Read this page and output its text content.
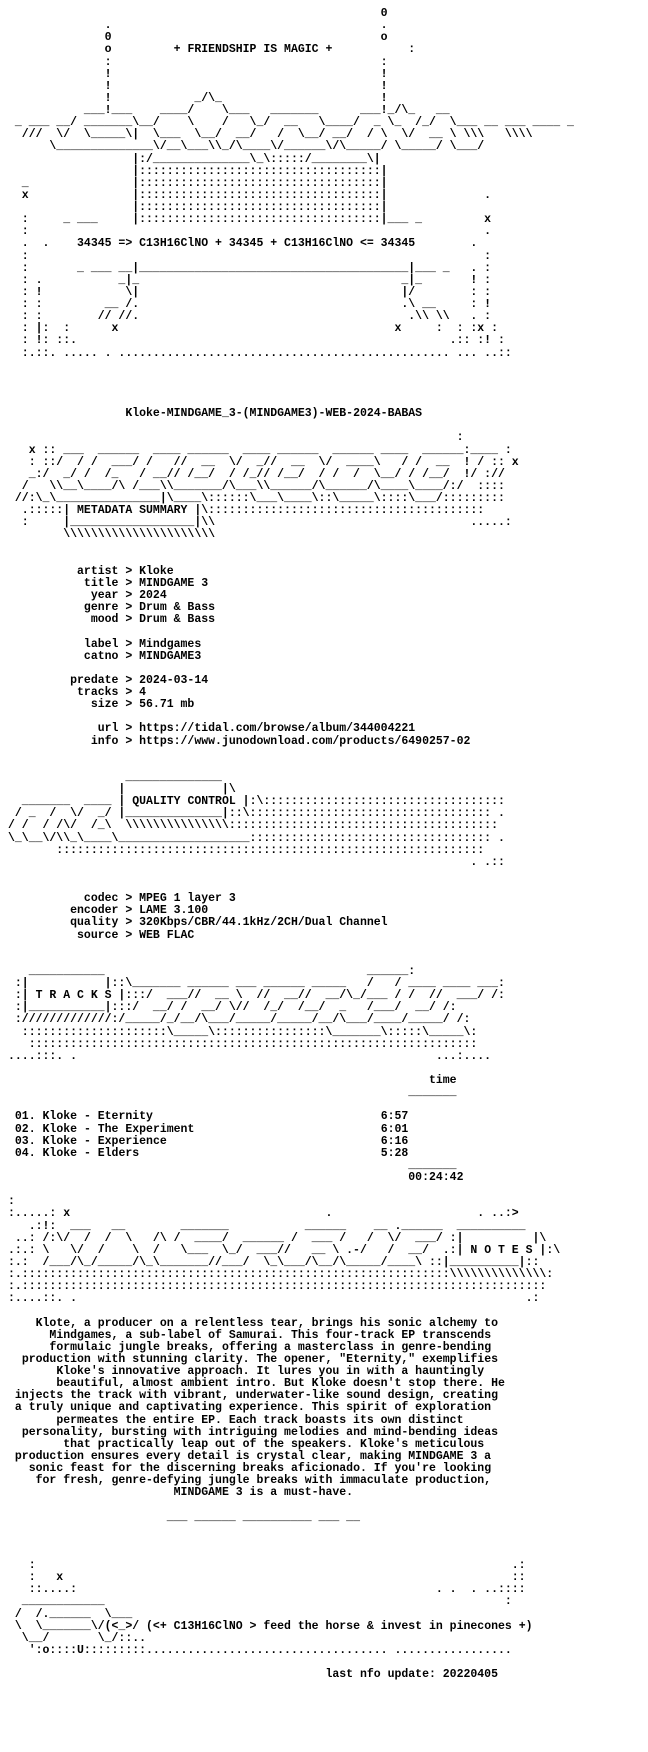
0
.                                       .
0                                       o
o	+ FRIENDSHIP IS MAGIC +	:
:                                       :
!                                       !
!                                       !
!            _/\_                       !
___!___    ____/    \___   _______      ___!_/\_   __
_ ___ __/ _______\__/    \    /   \_/  __   \____/  _ \_  /_/  \___ __ ___ ____ _
///  \/  \_____\|  \___  \__/  __/   /  \__/ __/  / \  \/  __ \ \\\   \\\\
\______________\/__\___\\_/\____\/______\/\_____/ \_____/ \___/
|:/______________\_\:::::/________\|
|:::::::::::::::::::::::::::::::::::|
_               |:::::::::::::::::::::::::::::::::::|
x               |:::::::::::::::::::::::::::::::::::|              .
|:::::::::::::::::::::::::::::::::::|
:     _ ___     |:::::::::::::::::::::::::::::::::::|___ _         x
:                                                                  .
.  .    34345 => C13H16ClNO + 34345 + C13H16ClNO <= 34345	.
:                                                                  :
:       _ ___ __|_______________________________________|___ _   . :
: .           _|_                                      _|_       ! :
: !            \|                                      |/        : :
: :         __ /.                                      .\ __     : !
: :        // //.                                       .\\ \\   . :
: |:  :      x                                        x     :  : :x :
: !: ::.                                                      .:: :! :
:.::. ..... . ................................................ ... ..::

Kloke-MINDGAME_3-(MINDGAME3)-WEB-2024-BABAS

:
x :: ___  ______  ____ ______  ____ ______  ______ ____  ______:____ :
: ::/  / /  ___/ /   //  __  \/  _//  __  \/  ____\   / /  __  ! / :: x
_:/  _/ /  /_   / __// /__/  / /_// /__/  / /  /  \__/ / /__/  !/ ://
/   \\__\____/\ /___\\_______/\___\\______/\______/\____\____/:/  ::::
//:\_\_______________|\____\::::::\___\____\::\_____\::::\___/:::::::::
.:::::| METADATA SUMMARY |\::::::::::::::::::::::::::::::::::::::::
:     |__________________|\\                                     .....:
\\\\\\\\\\\\\\\\\\\\\\

artist > Kloke
title > MINDGAME 3
year > 2024
genre > Drum & Bass
mood > Drum & Bass

label > Mindgames
catno > MINDGAME3

predate > 2024-03-14
tracks > 4
size > 56.71 mb

url > https://tidal.com/browse/album/344004221
info > https://www.junodownload.com/products/6490257-02

______________
|              |\
_______  ____ | QUALITY CONTROL |:\:::::::::::::::::::::::::::::::::::
/ _  /  \/  _/ |______________|::\::::::::::::::::::::::::::::::::::: .
/ /  / /\/  /_\  \\\\\\\\\\\\\\\:::::::::::::::::::::::::::::::::::::::
\_\__\/\\_\____\___________________::::::::::::::::::::::::::::::::::: .
::::::::::::::::::::::::::::::::::::::::::::::::::::::::::::::
. .::

codec > MPEG 1 layer 3
encoder > LAME 3.100
quality > 320Kbps/CBR/44.1kHz/2CH/Dual Channel
source > WEB FLAC

___________                                      ______:
:|           |::\_______ ______ ___ ______ _____   /   / ____ ____ ___:
:| T R A C K S |:::/  ___//  __ \  //  __//  __/\_/___ / /  //  ___/ /:
:|___________|:::/  __/ /  __/ \//  /_/  /__/  _   /___/  __/ /:
://///////////:/_____/_/__/\___/_____/_____/__/\___/____/_____/ /:
:::::::::::::::::::::\_____\::::::::::::::::\_______\:::::\_____\:
:::::::::::::::::::::::::::::::::::::::::::::::::::::::::::::::::
....:::. .                                                    ...:....

time
_______

01. Kloke - Eternity	6:57
02. Kloke - The Experiment	6:01
03. Kloke - Experience	6:16
04. Kloke - Elders	5:28
_______
00:24:42

:
:.....: x                                     .                     . ..:>
.:!:  ___   __        _______           ______    __ .______  __________
..: /:\/  /  /  \   /\ /  ____/  ______ /  ___ /   /  \/  ___/ :|          |\
.:.: \   \/  /    \  /   \___  \_/  ___//   __ \ .-/   /  __/  .:| N O T E S |:\
:.:  /___/\_/_____/\_\_______//___/  \_\___/\__/\_____/____\ ::|__________|::
:.::::::::::::::::::::::::::::::::::::::::::::::::::::::::::::::\\\\\\\\\\\\\\:
:.::::::::::::::::::::::::::::::::::::::::::::::::::::::::::::::::::::::::::::
:....::. .                                                                 .:

Klote, a producer on a relentless tear, brings his sonic alchemy to
Mindgames, a sub-label of Samurai. This four-track EP transcends
formulaic jungle breaks, offering a masterclass in genre-bending
production with stunning clarity. The opener, "Eternity," exemplifies
Kloke's innovative approach. It lures you in with a hauntingly
beautiful, almost ambient intro. But Kloke doesn't stop there. He
injects the track with vibrant, underwater-like sound design, creating
a truly unique and captivating experience. This spirit of exploration
permeates the entire EP. Each track boasts its own distinct
personality, bursting with intriguing melodies and mind-bending ideas
that practically leap out of the speakers. Kloke's meticulous
production ensures every detail is crystal clear, making MINDGAME 3 a
sonic feast for the discerning breaks aficionado. If you're looking
for fresh, genre-defying jungle breaks with immaculate production,
MINDGAME 3 is a must-have.

___ ______ __________ ___ __

:                                                                     .:
:   x                                                                 ::
::....:                                                    . .  . ..::::
____________                                                          :
/  /.______  \___
\  \_______\/(<_>/ (<+ C13H16ClNO > feed the horse & invest in pinecones +)
\__/       \_/::..
':o::::U:::::::::................................... .................

last nfo update: 20220405
